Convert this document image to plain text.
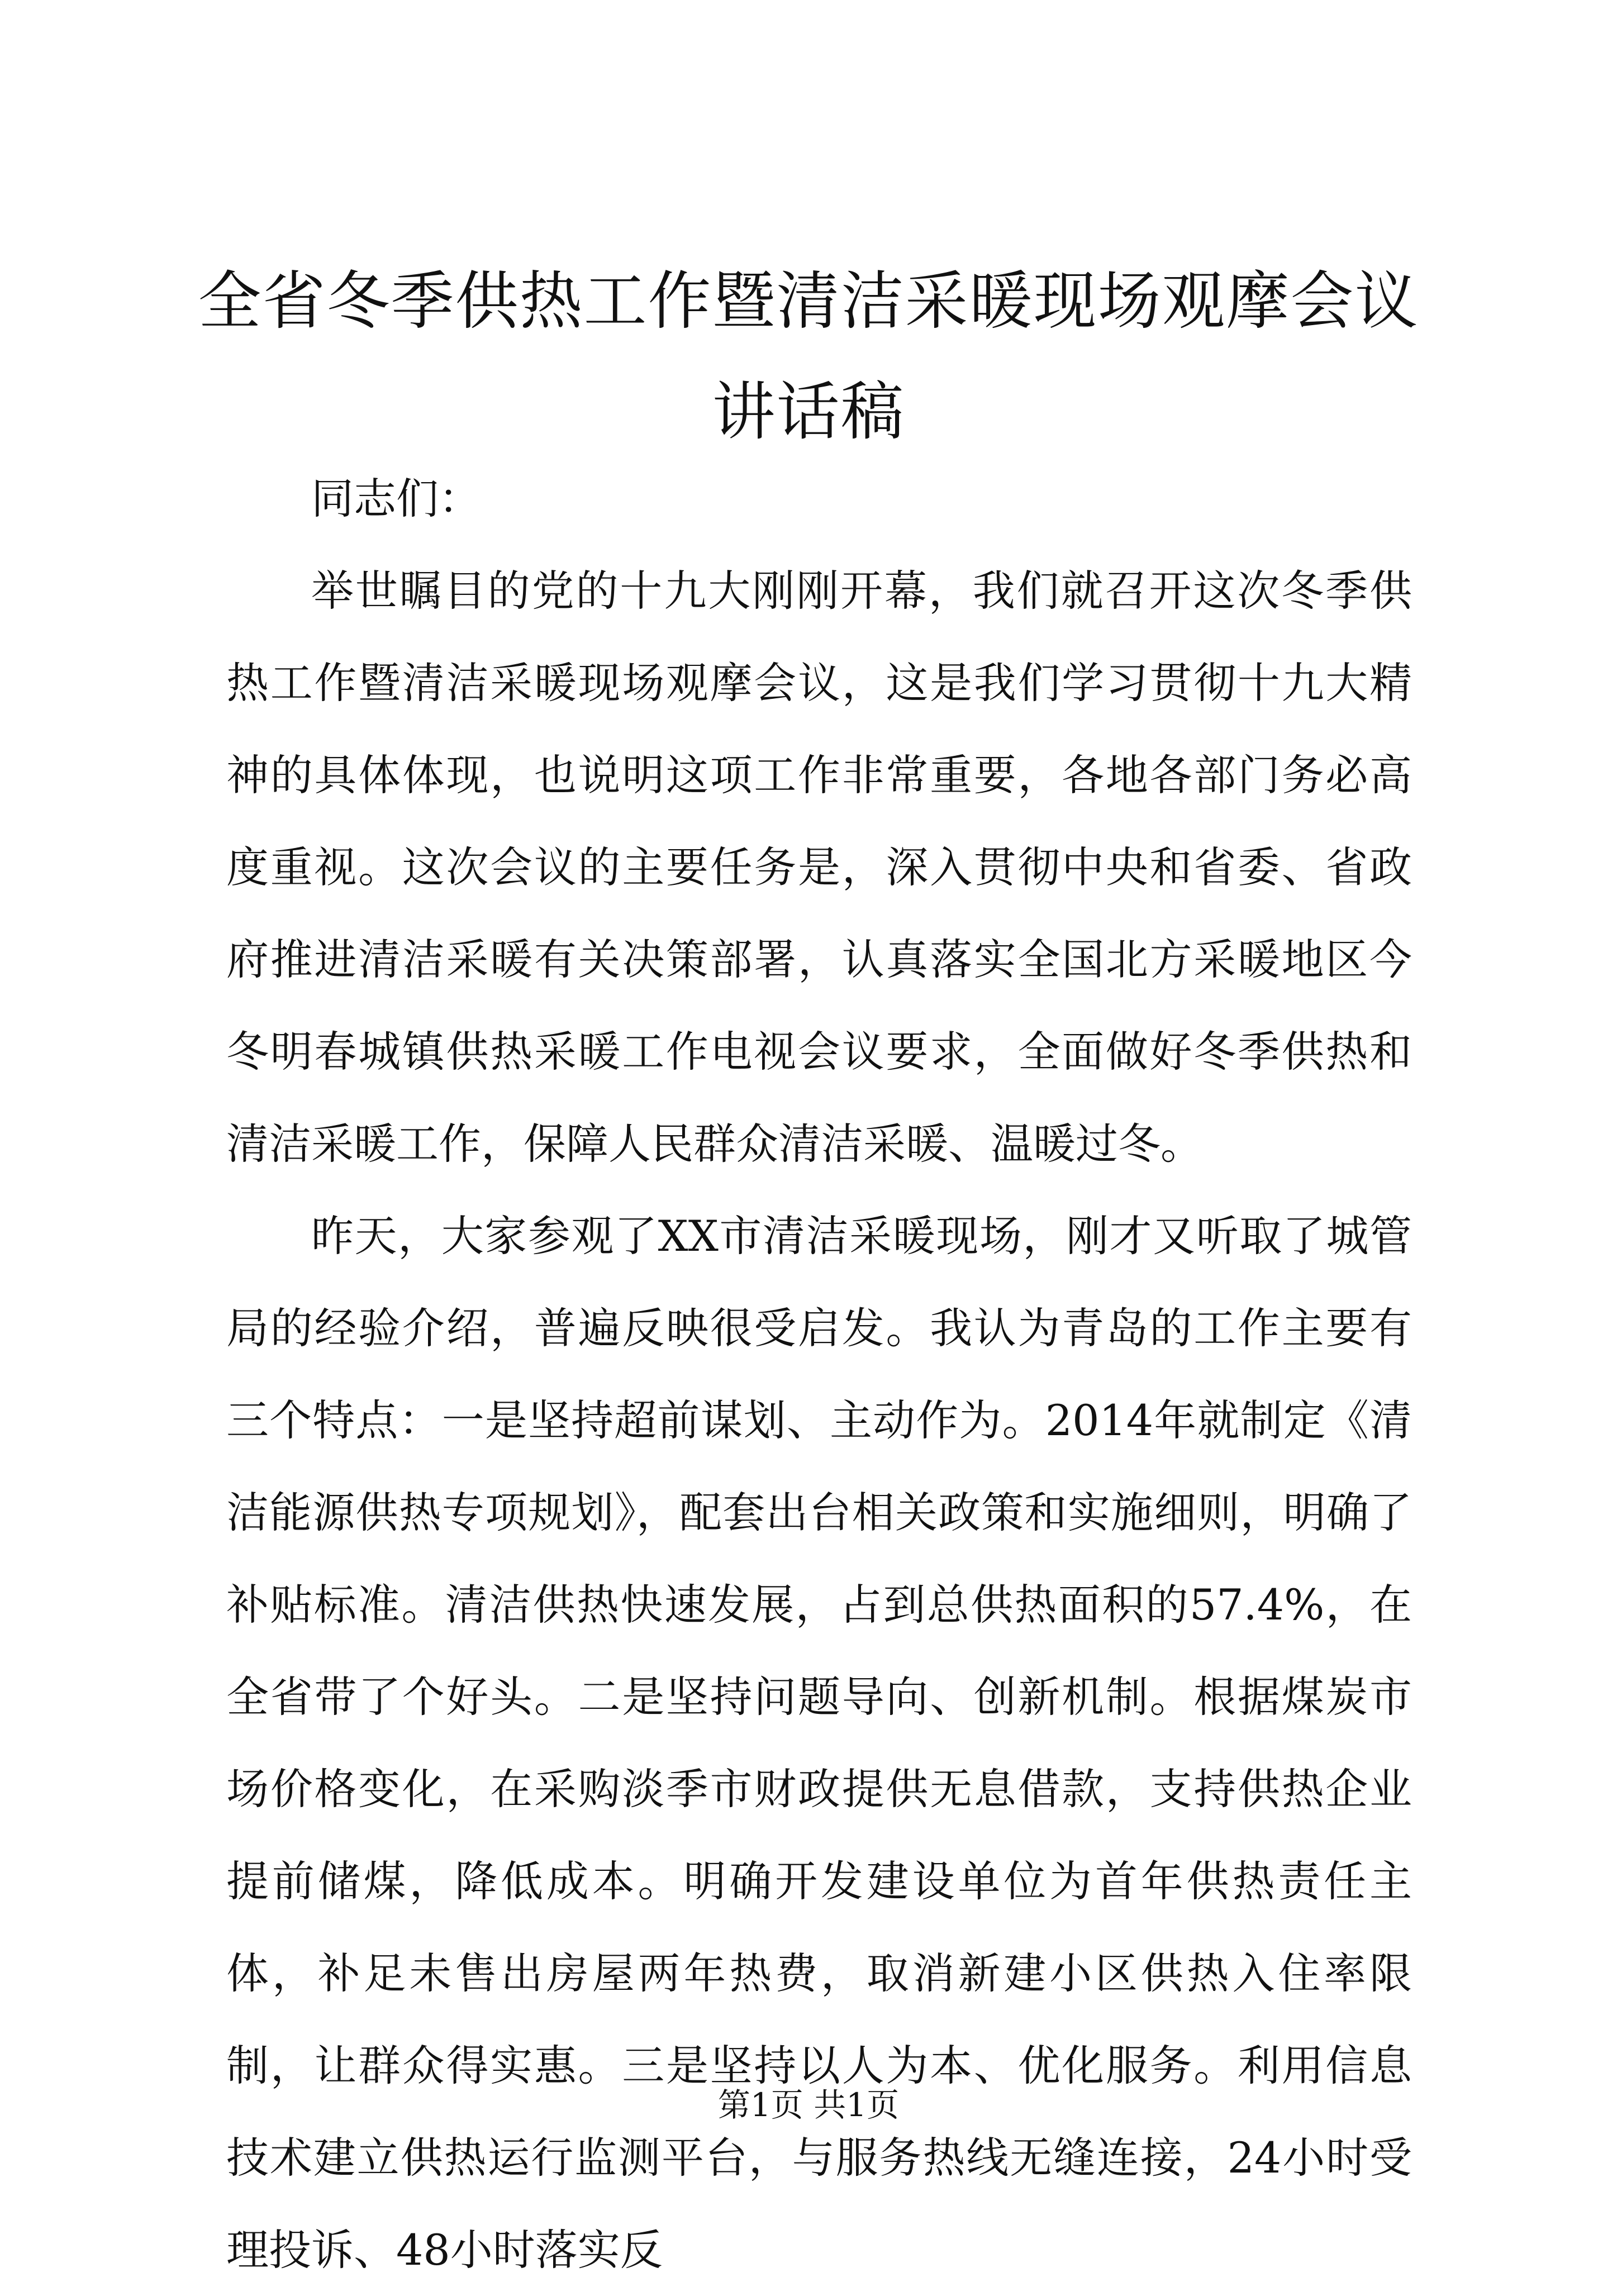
全省冬季供热工作暨清洁采暖现场观摩会议讲话稿

同志们：

举世瞩目的党的十九大刚刚开幕，我们就召开这次冬季供热工作暨清洁采暖现场观摩会议，这是我们学习贯彻十九大精神的具体体现，也说明这项工作非常重要，各地各部门务必高度重视。这次会议的主要任务是，深入贯彻中央和省委、省政府推进清洁采暖有关决策部署，认真落实全国北方采暖地区今冬明春城镇供热采暖工作电视会议要求，全面做好冬季供热和清洁采暖工作，保障人民群众清洁采暖、温暖过冬。

昨天，大家参观了XX市清洁采暖现场，刚才又听取了城管局的经验介绍，普遍反映很受启发。我认为青岛的工作主要有三个特点：一是坚持超前谋划、主动作为。2014年就制定《清洁能源供热专项规划》，配套出台相关政策和实施细则，明确了补贴标准。清洁供热快速发展，占到总供热面积的57.4%，在全省带了个好头。二是坚持问题导向、创新机制。根据煤炭市场价格变化，在采购淡季市财政提供无息借款，支持供热企业提前储煤，降低成本。明确开发建设单位为首年供热责任主体，补足未售出房屋两年热费，取消新建小区供热入住率限制，让群众得实惠。三是坚持以人为本、优化服务。利用信息技术建立供热运行监测平台，与服务热线无缝连接，24小时受理投诉、48小时落实反

第1页 共1页
